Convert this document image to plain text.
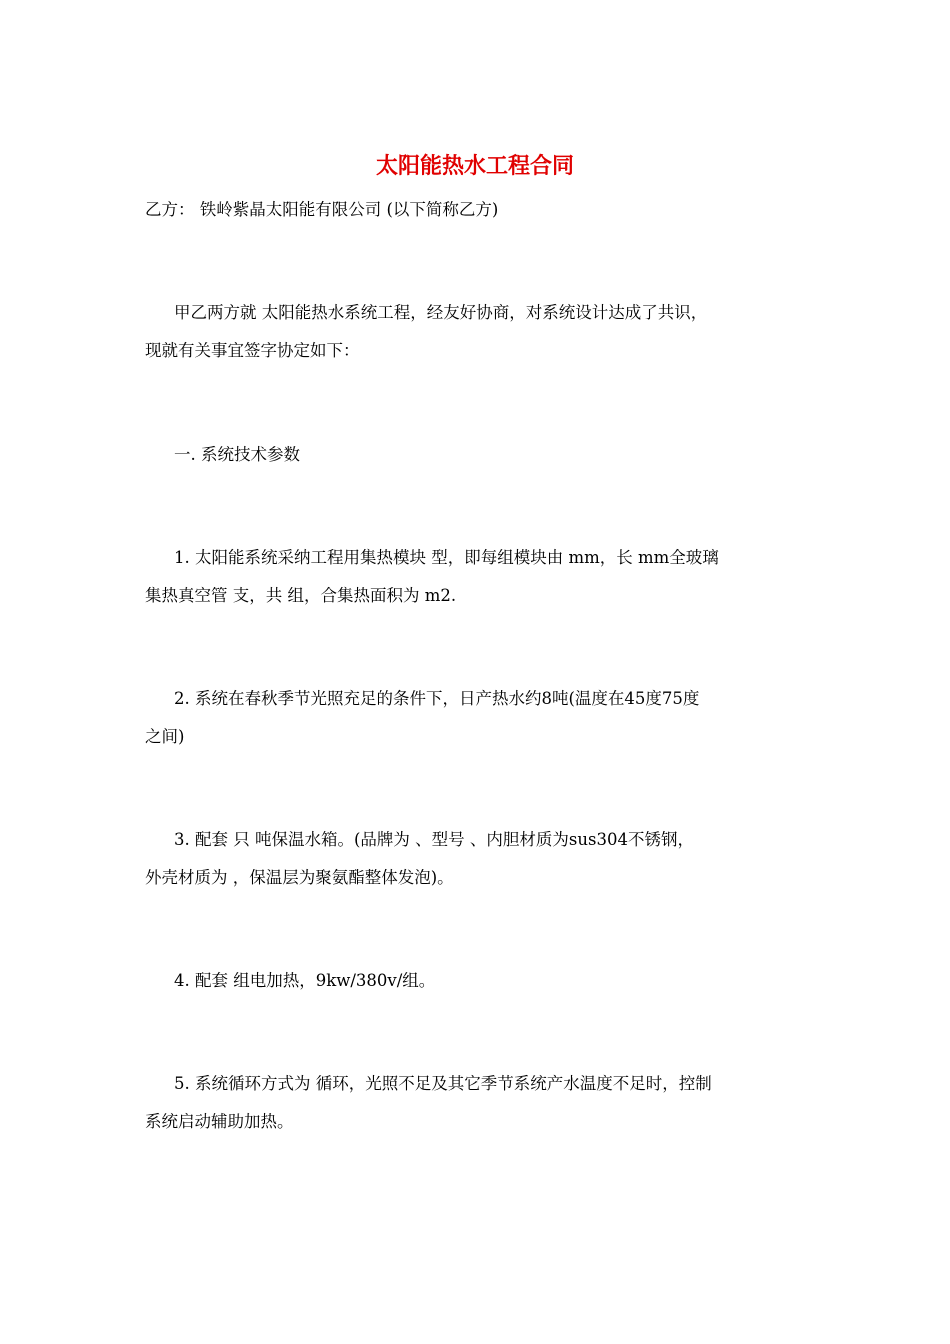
太阳能热水工程合同
乙方： 铁岭紫晶太阳能有限公司 (以下简称乙方)
甲乙两方就 太阳能热水系统工程，经友好协商，对系统设计达成了共识，
现就有关事宜签字协定如下：
一. 系统技术参数
1. 太阳能系统采纳工程用集热模块 型，即每组模块由 mm，长 mm全玻璃
集热真空管 支，共 组，合集热面积为 m2.
2. 系统在春秋季节光照充足的条件下，日产热水约8吨(温度在45度75度
之间)
3. 配套 只 吨保温水箱。(品牌为 、型号 、内胆材质为sus304不锈钢，
外壳材质为 ，保温层为聚氨酯整体发泡)。
4. 配套 组电加热，9kw/380v/组。
5. 系统循环方式为 循环，光照不足及其它季节系统产水温度不足时，控制
系统启动辅助加热。
